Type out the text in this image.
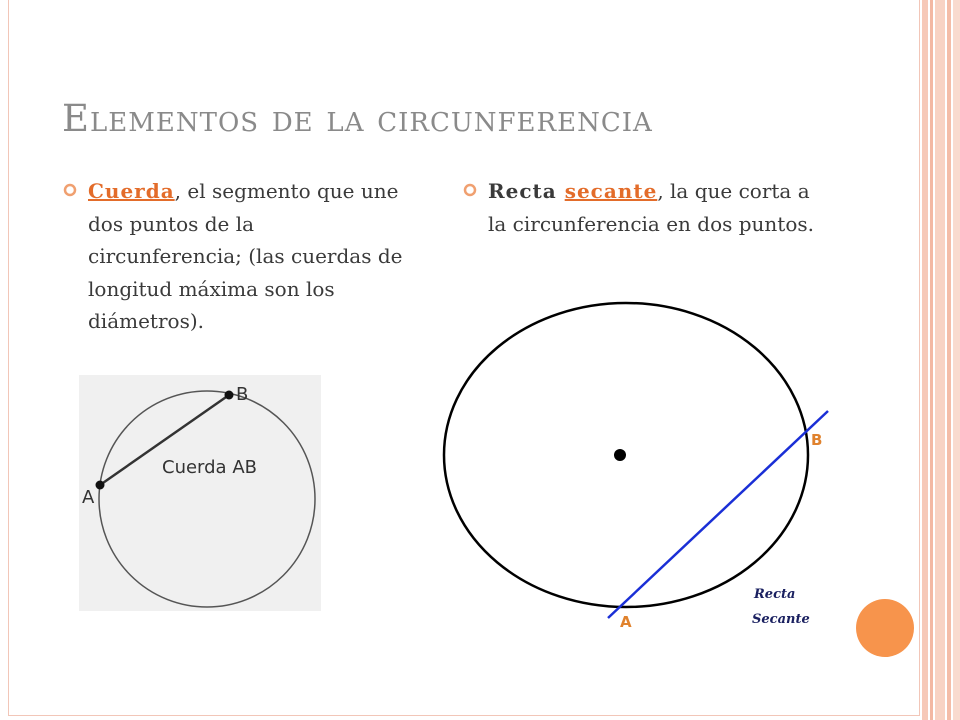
Elementos de la circunferencia
Cuerda, el segmento que une dos puntos de la circunferencia; (las cuerdas de longitud máxima son los diámetros).
Recta secante, la que corta a la circunferencia en dos puntos.
A
B
Cuerda AB
B
A
Recta
Secante
